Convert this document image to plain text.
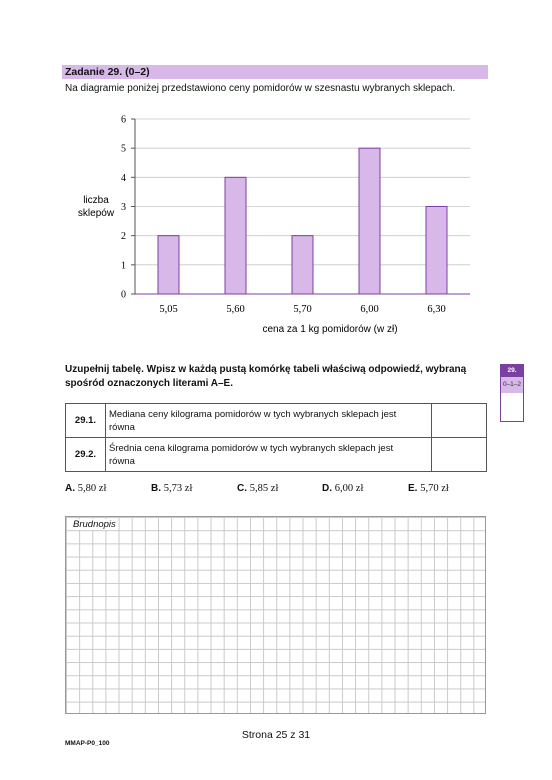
Zadanie 29. (0–2)
Na diagramie poniżej przedstawiono ceny pomidorów w szesnastu wybranych sklepach.
0
1
2
3
4
5
6
5,05	5,60	5,70	6,00	6,30
liczba
sklepów
cena za 1 kg pomidorów (w zł)
Uzupełnij tabelę. Wpisz w każdą pustą komórkę tabeli właściwą odpowiedź, wybraną spośród oznaczonych literami A–E.
29.
0–1–2
29.1.	Mediana ceny kilograma pomidorów w tych wybranych sklepach jest
równa	

29.2.	Średnia cena kilograma pomidorów w tych wybranych sklepach jest
równa	

A. 5,80 zł	B. 5,73 zł	C. 5,85 zł	D. 6,00 zł	E. 5,70 zł
Brudnopis
Strona 25 z 31
MMAP-P0_100
